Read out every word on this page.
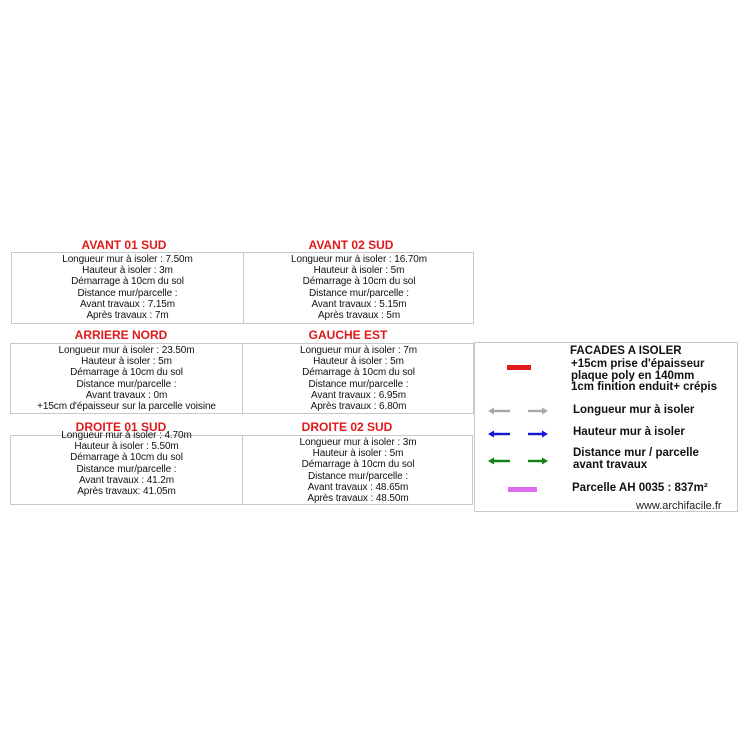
AVANT 01 SUD	AVANT 02 SUD
Longueur mur à isoler : 7.50m
Hauteur à isoler : 3m
Démarrage à 10cm du sol
Distance mur/parcelle :
Avant travaux : 7.15m
Après travaux : 7m
Longueur mur à isoler : 16.70m
Hauteur à isoler : 5m
Démarrage à 10cm du sol
Distance mur/parcelle :
Avant travaux : 5.15m
Après travaux : 5m
ARRIERE NORD	GAUCHE EST
Longueur mur à isoler : 23.50m
Hauteur à isoler : 5m
Démarrage à 10cm du sol
Distance mur/parcelle :
Avant travaux : 0m
+15cm d'épaisseur sur la parcelle voisine
Longueur mur à isoler : 7m
Hauteur à isoler : 5m
Démarrage à 10cm du sol
Distance mur/parcelle :
Avant travaux : 6.95m
Après travaux : 6.80m
DROITE 01 SUD	DROITE 02 SUD
Longueur mur à isoler : 4.70m
Hauteur à isoler : 5.50m
Démarrage à 10cm du sol
Distance mur/parcelle :
Avant travaux : 41.2m
Après travaux: 41.05m
Longueur mur à isoler : 3m
Hauteur à isoler : 5m
Démarrage à 10cm du sol
Distance mur/parcelle :
Avant travaux : 48.65m
Après travaux : 48.50m
FACADES A ISOLER
+15cm prise d'épaisseur
plaque poly en 140mm
1cm finition enduit+ crépis
Longueur mur à isoler
Hauteur mur à isoler
Distance mur / parcelle
avant travaux
Parcelle AH 0035 : 837m²
www.archifacile.fr
